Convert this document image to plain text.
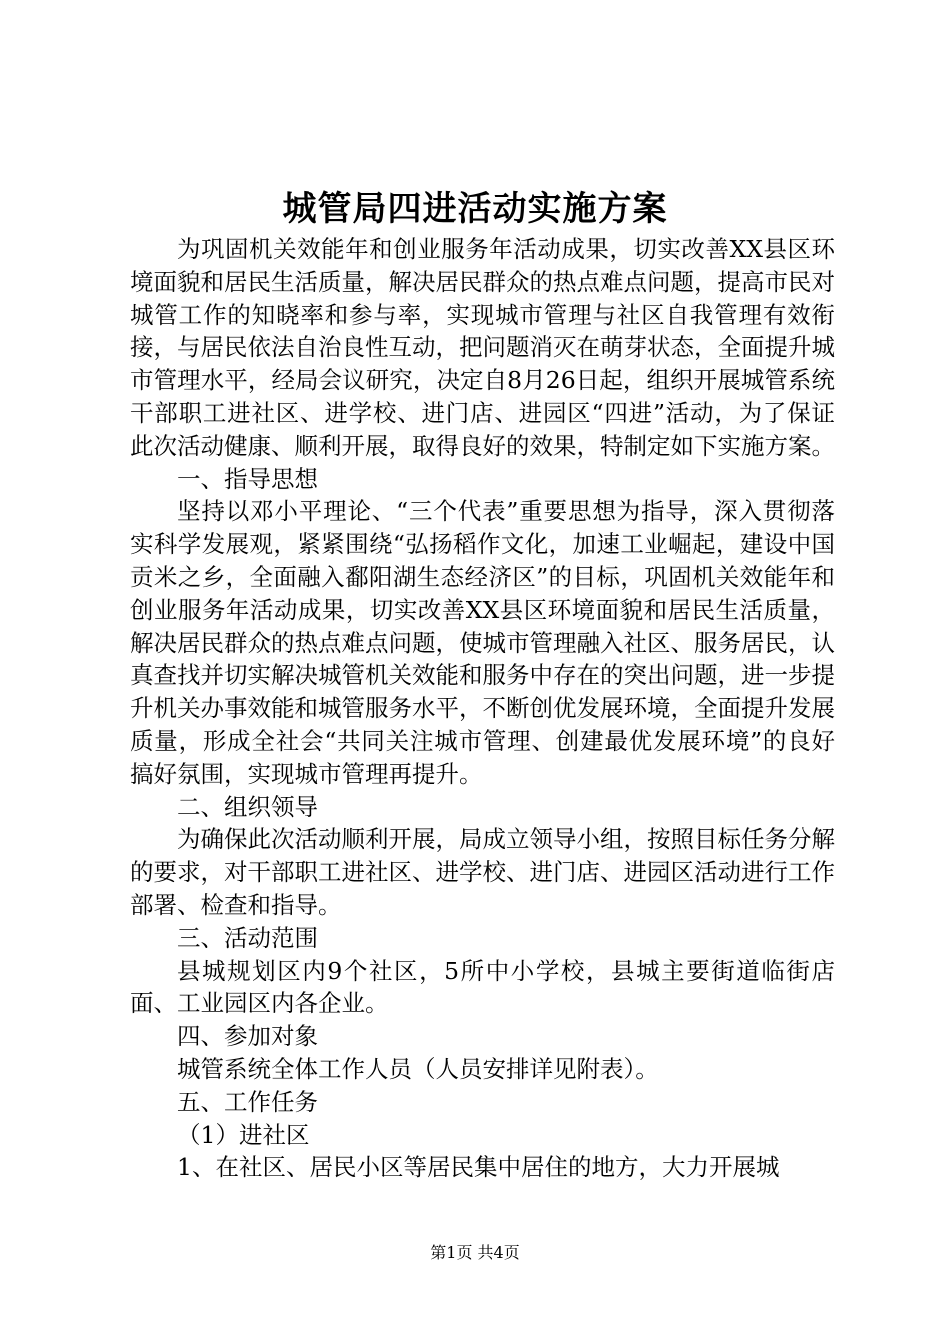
城管局四进活动实施方案

为巩固机关效能年和创业服务年活动成果，切实改善XX县区环境面貌和居民生活质量，解决居民群众的热点难点问题，提高市民对城管工作的知晓率和参与率，实现城市管理与社区自我管理有效衔接，与居民依法自治良性互动，把问题消灭在萌芽状态，全面提升城市管理水平，经局会议研究，决定自8月26日起，组织开展城管系统干部职工进社区、进学校、进门店、进园区“四进”活动，为了保证此次活动健康、顺利开展，取得良好的效果，特制定如下实施方案。

一、指导思想

坚持以邓小平理论、“三个代表”重要思想为指导，深入贯彻落实科学发展观，紧紧围绕“弘扬稻作文化，加速工业崛起，建设中国贡米之乡，全面融入鄱阳湖生态经济区”的目标，巩固机关效能年和创业服务年活动成果，切实改善XX县区环境面貌和居民生活质量，解决居民群众的热点难点问题，使城市管理融入社区、服务居民，认真查找并切实解决城管机关效能和服务中存在的突出问题，进一步提升机关办事效能和城管服务水平，不断创优发展环境，全面提升发展质量，形成全社会“共同关注城市管理、创建最优发展环境”的良好搞好氛围，实现城市管理再提升。

二、组织领导

为确保此次活动顺利开展，局成立领导小组，按照目标任务分解的要求，对干部职工进社区、进学校、进门店、进园区活动进行工作部署、检查和指导。

三、活动范围

县城规划区内9个社区，5所中小学校，县城主要街道临街店面、工业园区内各企业。

四、参加对象

城管系统全体工作人员（人员安排详见附表）。

五、工作任务

（1）进社区

1、在社区、居民小区等居民集中居住的地方，大力开展城

第1页 共4页
